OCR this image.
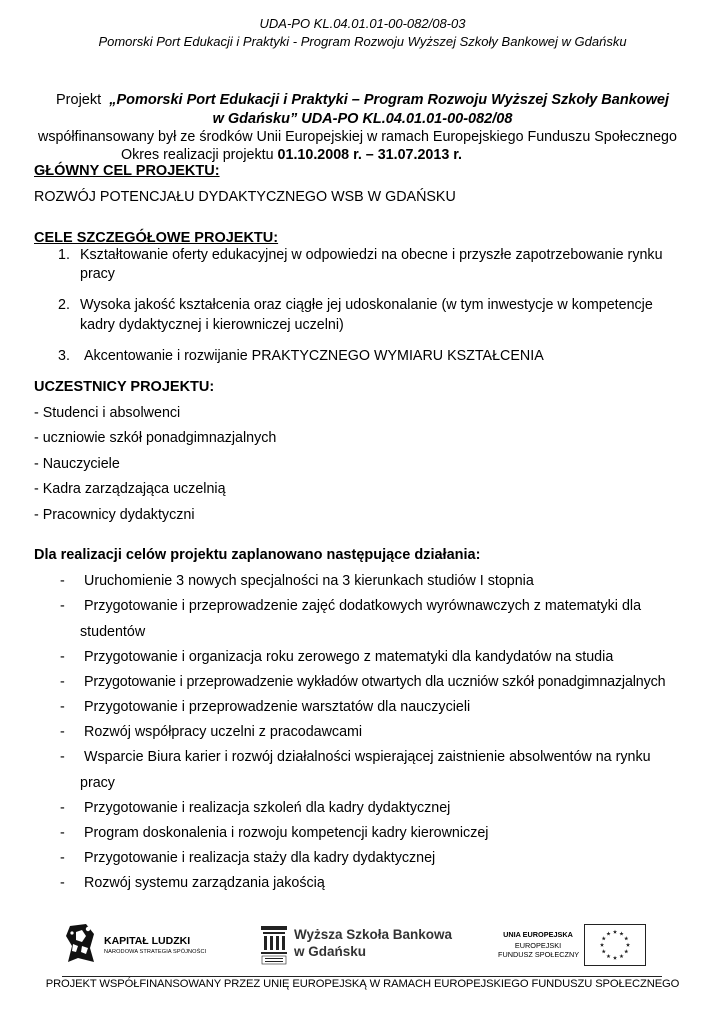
UDA-PO KL.04.01.01-00-082/08-03
Pomorski Port Edukacji i Praktyki - Program Rozwoju Wyższej Szkoły Bankowej w Gdańsku
Projekt „Pomorski Port Edukacji i Praktyki – Program Rozwoju Wyższej Szkoły Bankowej
w Gdańsku” UDA-PO KL.04.01.01-00-082/08
współfinansowany był ze środków Unii Europejskiej w ramach Europejskiego Funduszu Społecznego
Okres realizacji projektu 01.10.2008 r. – 31.07.2013 r.
GŁÓWNY CEL PROJEKTU:
ROZWÓJ POTENCJAŁU DYDAKTYCZNEGO WSB W GDAŃSKU
CELE SZCZEGÓŁOWE PROJEKTU:
1. Kształtowanie oferty edukacyjnej w odpowiedzi na obecne i przyszłe zapotrzebowanie rynku
pracy
2. Wysoka jakość kształcenia oraz ciągłe jej udoskonalanie (w tym inwestycje w kompetencje
kadry dydaktycznej i kierowniczej uczelni)
3. Akcentowanie i rozwijanie PRAKTYCZNEGO WYMIARU KSZTAŁCENIA
UCZESTNICY PROJEKTU:
- Studenci i absolwenci
- uczniowie szkół ponadgimnazjalnych
- Nauczyciele
- Kadra zarządzająca uczelnią
- Pracownicy dydaktyczni
Dla realizacji celów projektu zaplanowano następujące działania:
- Uruchomienie 3 nowych specjalności na 3 kierunkach studiów I stopnia
- Przygotowanie i przeprowadzenie zajęć dodatkowych wyrównawczych z matematyki dla
studentów
- Przygotowanie i organizacja roku zerowego z matematyki dla kandydatów na studia
- Przygotowanie i przeprowadzenie wykładów otwartych dla uczniów szkół ponadgimnazjalnych
- Przygotowanie i przeprowadzenie warsztatów dla nauczycieli
- Rozwój współpracy uczelni z pracodawcami
- Wsparcie Biura karier i rozwój działalności wspierającej zaistnienie absolwentów na rynku
pracy
- Przygotowanie i realizacja szkoleń dla kadry dydaktycznej
- Program doskonalenia i rozwoju kompetencji kadry kierowniczej
- Przygotowanie i realizacja staży dla kadry dydaktycznej
- Rozwój systemu zarządzania jakością
KAPITAŁ LUDZKI
NARODOWA STRATEGIA SPÓJNOŚCI
Wyższa Szkoła Bankowa
w Gdańsku
UNIA EUROPEJSKA
EUROPEJSKI
FUNDUSZ SPOŁECZNY
PROJEKT WSPÓŁFINANSOWANY PRZEZ UNIĘ EUROPEJSKĄ W RAMACH EUROPEJSKIEGO FUNDUSZU SPOŁECZNEGO
